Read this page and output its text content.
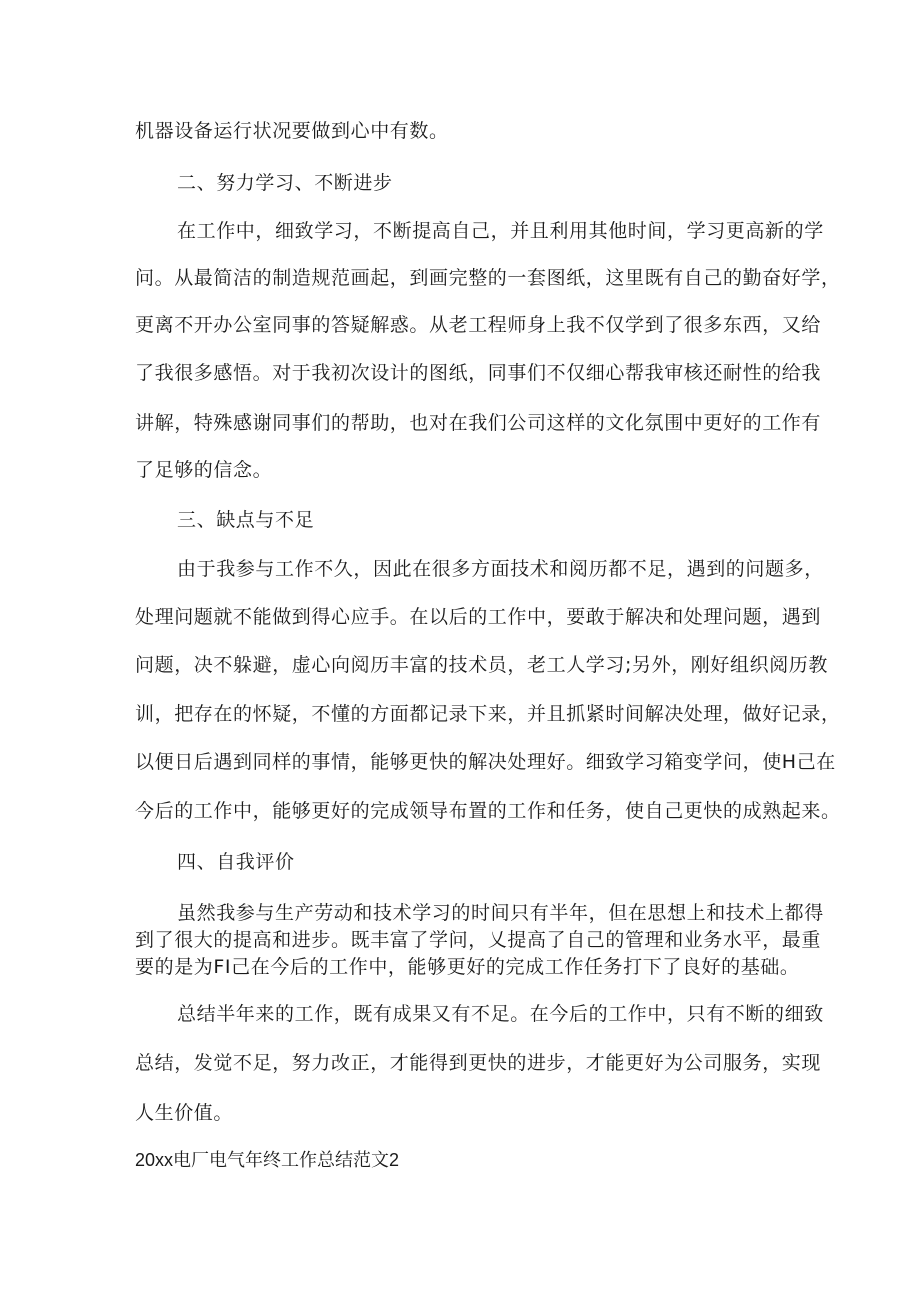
机器设备运行状况要做到心中有数。
二、努力学习、不断进步
在工作中，细致学习，不断提高自己，并且利用其他时间，学习更高新的学
问。从最简洁的制造规范画起，到画完整的一套图纸，这里既有自己的勤奋好学，
更离不开办公室同事的答疑解惑。从老工程师身上我不仅学到了很多东西，又给
了我很多感悟。对于我初次设计的图纸，同事们不仅细心帮我审核还耐性的给我
讲解，特殊感谢同事们的帮助，也对在我们公司这样的文化氛围中更好的工作有
了足够的信念。
三、缺点与不足
由于我参与工作不久，因此在很多方面技术和阅历都不足，遇到的问题多，
处理问题就不能做到得心应手。在以后的工作中，要敢于解决和处理问题，遇到
问题，决不躲避，虚心向阅历丰富的技术员，老工人学习;另外，刚好组织阅历教
训，把存在的怀疑，不懂的方面都记录下来，并且抓紧时间解决处理，做好记录，
以便日后遇到同样的事情，能够更快的解决处理好。细致学习箱变学问，使H己在
今后的工作中，能够更好的完成领导布置的工作和任务，使自己更快的成熟起来。
四、自我评价
虽然我参与生产劳动和技术学习的时间只有半年，但在思想上和技术上都得
到了很大的提高和进步。既丰富了学问，乂提高了自己的管理和业务水平，最重
要的是为FI己在今后的工作中，能够更好的完成工作任务打下了良好的基础。
总结半年来的工作，既有成果又有不足。在今后的工作中，只有不断的细致
总结，发觉不足，努力改正，才能得到更快的进步，才能更好为公司服务，实现
人生价值。
20xx电厂电气年终工作总结范文2
